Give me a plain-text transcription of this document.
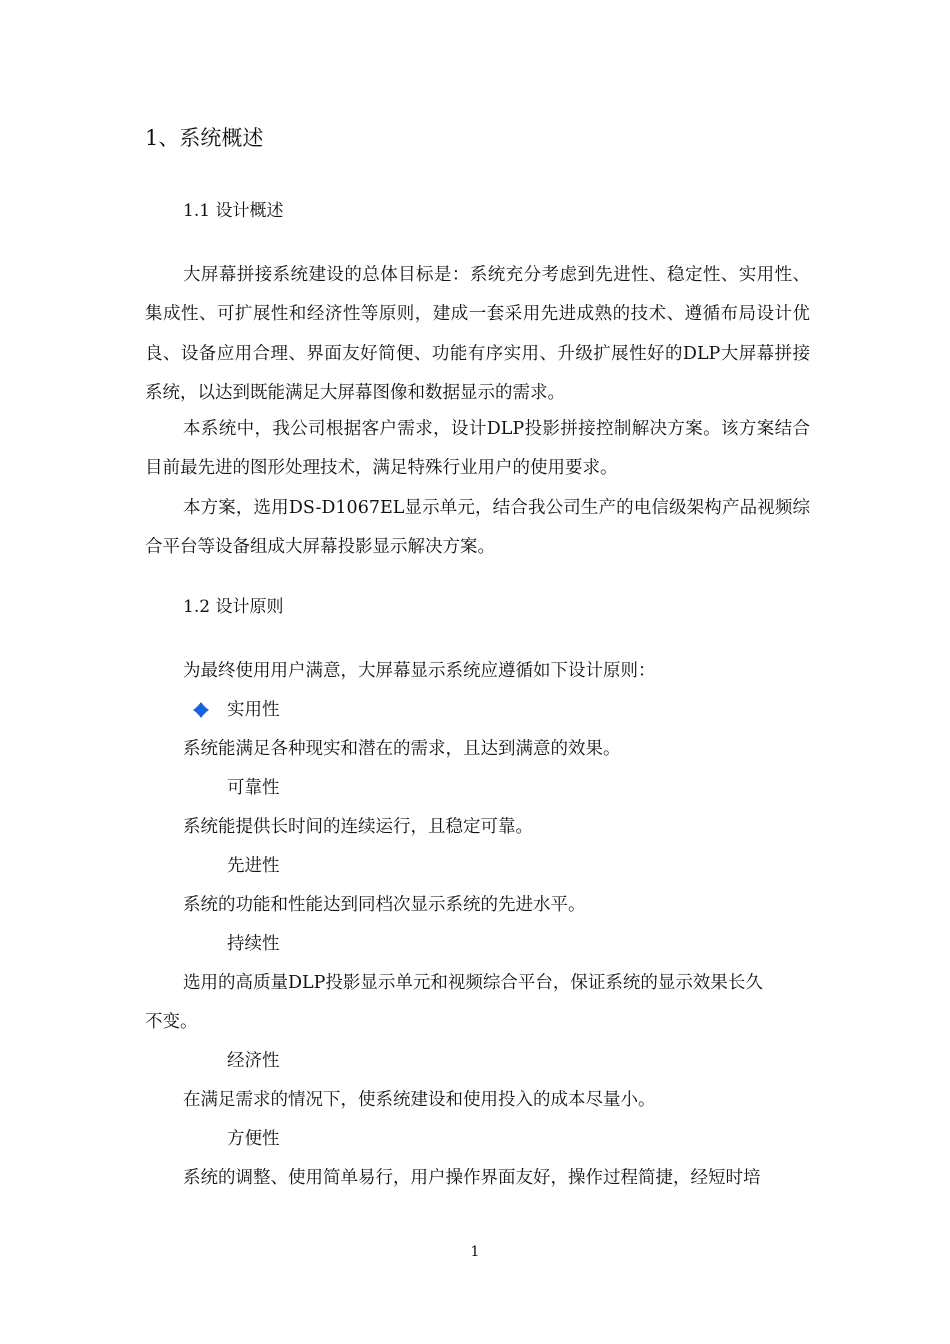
1、系统概述
1.1 设计概述
大屏幕拼接系统建设的总体目标是：系统充分考虑到先进性、稳定性、实用性、集成性、可扩展性和经济性等原则，建成一套采用先进成熟的技术、遵循布局设计优良、设备应用合理、界面友好简便、功能有序实用、升级扩展性好的DLP大屏幕拼接系统，以达到既能满足大屏幕图像和数据显示的需求。
本系统中，我公司根据客户需求，设计DLP投影拼接控制解决方案。该方案结合目前最先进的图形处理技术，满足特殊行业用户的使用要求。
本方案，选用DS-D1067EL显示单元，结合我公司生产的电信级架构产品视频综合平台等设备组成大屏幕投影显示解决方案。
1.2 设计原则
为最终使用用户满意，大屏幕显示系统应遵循如下设计原则：
实用性
系统能满足各种现实和潜在的需求，且达到满意的效果。
可靠性
系统能提供长时间的连续运行，且稳定可靠。
先进性
系统的功能和性能达到同档次显示系统的先进水平。
持续性
选用的高质量DLP投影显示单元和视频综合平台，保证系统的显示效果长久
不变。
经济性
在满足需求的情况下，使系统建设和使用投入的成本尽量小。
方便性
系统的调整、使用简单易行，用户操作界面友好，操作过程简捷，经短时培
1
